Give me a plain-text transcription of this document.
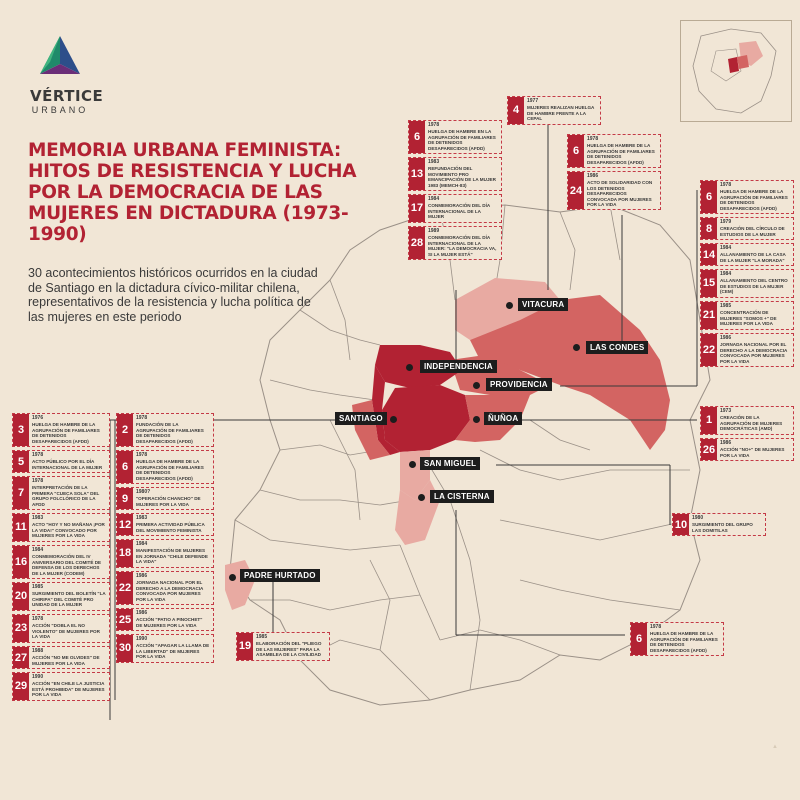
VÉRTICE
URBANO
MEMORIA URBANA FEMINISTA: HITOS DE RESISTENCIA Y LUCHA POR LA DEMOCRACIA DE LAS MUJERES EN DICTADURA (1973-1990)
30 acontecimientos históricos ocurridos en la ciudad de Santiago en la dictadura cívico-militar chilena, representativos de la resistencia y lucha política de las mujeres en este periodo
VITACURA
LAS CONDES
INDEPENDENCIA
PROVIDENCIA
SANTIAGO	ÑUÑOA
SAN MIGUEL
LA CISTERNA
PADRE HURTADO
6
1978
HUELGA DE HAMBRE EN LA AGRUPACIÓN DE FAMILIARES DE DETENIDOS DESAPARECIDOS (AFDD)
13
1983
REFUNDACIÓN DEL MOVIMIENTO PRO EMANCIPACIÓN DE LA MUJER 1983 (MEMCH-83)
17
1984
CONMEMORACIÓN DEL DÍA INTERNACIONAL DE LA MUJER
28
1989
CONMEMORACIÓN DEL DÍA INTERNACIONAL DE LA MUJER: "LA DEMOCRACIA VA, SI LA MUJER ESTÁ"
4
1977
MUJERES REALIZAN HUELGA DE HAMBRE FRENTE A LA CEPAL
6
1978
HUELGA DE HAMBRE DE LA AGRUPACIÓN DE FAMILIARES DE DETENIDOS DESAPARECIDOS (AFDD)
24
1986
ACTO DE SOLIDARIDAD CON LOS DETENIDOS DESAPARECIDOS CONVOCADA POR MUJERES POR LA VIDA
6
1978
HUELGA DE HAMBRE DE LA AGRUPACIÓN DE FAMILIARES DE DETENIDOS DESAPARECIDOS (AFDD)
8
1979
CREACIÓN DEL CÍRCULO DE ESTUDIOS DE LA MUJER
14
1984
ALLANAMIENTO DE LA CASA DE LA MUJER "LA MORADA"
15
1984
ALLANAMIENTO DEL CENTRO DE ESTUDIOS DE LA MUJER (CEM)
21
1985
CONCENTRACIÓN DE MUJERES "SOMOS +" DE MUJERES POR LA VIDA
22
1986
JORNADA NACIONAL POR EL DERECHO A LA DEMOCRACIA CONVOCADA POR MUJERES POR LA VIDA
1
1973
CREACIÓN DE LA AGRUPACIÓN DE MUJERES DEMOCRÁTICAS (AMD)
26
1986
ACCIÓN "NO+" DE MUJERES POR LA VIDA
10
1980
SURGIMIENTO DEL GRUPO LAS DOMITILAS
6
1978
HUELGA DE HAMBRE DE LA AGRUPACIÓN DE FAMILIARES DE DETENIDOS DESAPARECIDOS (AFDD)
19
1985
ELABORACIÓN DEL "PLIEGO DE LAS MUJERES" PARA LA ASAMBLEA DE LA CIVILIDAD
3
1976
HUELGA DE HAMBRE DE LA AGRUPACIÓN DE FAMILIARES DE DETENIDOS DESAPARECIDOS (AFDD)
5
1978
ACTO PÚBLICO POR EL DÍA INTERNACIONAL DE LA MUJER
7
1978
INTERPRETACIÓN DE LA PRIMERA "CUECA SOLA" DEL GRUPO FOLCLÓRICO DE LA AFDD
11
1983
ACTO "HOY Y NO MAÑANA ¡POR LA VIDA!" CONVOCADO POR MUJERES POR LA VIDA
16
1984
CONMEMORACIÓN DEL IV ANIVERSARIO DEL COMITÉ DE DEFENSA DE LOS DERECHOS DE LA MUJER (CODEM)
20
1985
SURGIMIENTO DEL BOLETÍN "LA CHIRIPA" DEL COMITÉ PRO UNIDAD DE LA MUJER
23
1978
ACCIÓN "DOBLA EL NO VIOLENTO" DE MUJERES POR LA VIDA
27
1988
ACCIÓN "NO ME OLVIDES" DE MUJERES POR LA VIDA
29
1990
ACCIÓN "EN CHILE LA JUSTICIA ESTÁ PROHIBIDA" DE MUJERES POR LA VIDA
2
1978
FUNDACIÓN DE LA AGRUPACIÓN DE FAMILIARES DE DETENIDOS DESAPARECIDOS (AFDD)
6
1978
HUELGA DE HAMBRE DE LA AGRUPACIÓN DE FAMILIARES DE DETENIDOS DESAPARECIDOS (AFDD)
9
1980?
"OPERACIÓN CHANCHO" DE MUJERES POR LA VIDA
12
1983
PRIMERA ACTIVIDAD PÚBLICA DEL MOVIMIENTO FEMINISTA
18
1984
MANIFESTACIÓN DE MUJERES EN JORNADA "CHILE DEFIENDE LA VIDA"
22
1986
JORNADA NACIONAL POR EL DERECHO A LA DEMOCRACIA CONVOCADA POR MUJERES POR LA VIDA
25
1986
ACCIÓN "PATIO A PINOCHET" DE MUJERES POR LA VIDA
30
1990
ACCIÓN "APAGAR LA LLAMA DE LA LIBERTAD" DE MUJERES POR LA VIDA
▲
